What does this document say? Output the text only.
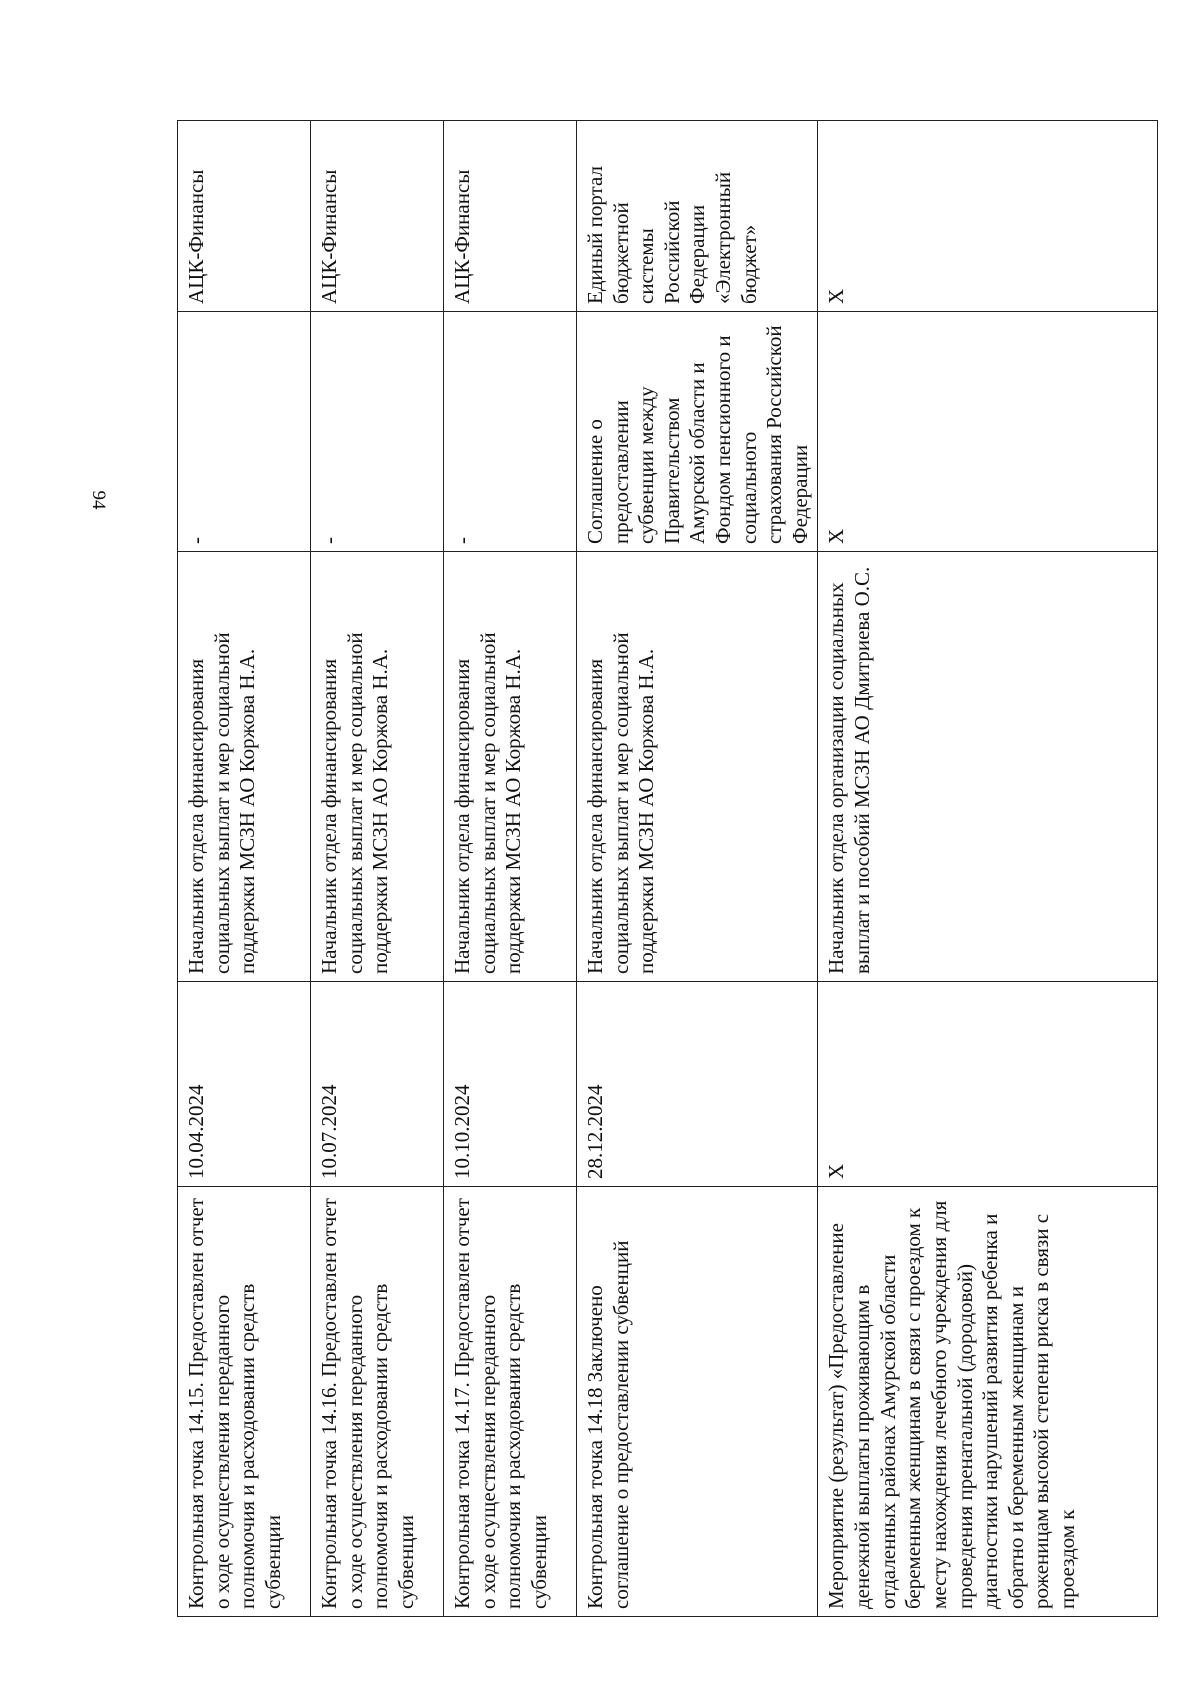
94
Контрольная точка 14.15. Предоставлен отчет о ходе осуществления переданного полномочия и расходовании средств субвенции	10.04.2024	Начальник отдела финансирования социальных выплат и мер социальной поддержки МСЗН АО Коржова Н.А.	-	АЦК-Финансы
Контрольная точка 14.16. Предоставлен отчет о ходе осуществления переданного полномочия и расходовании средств субвенции	10.07.2024	Начальник отдела финансирования социальных выплат и мер социальной поддержки МСЗН АО Коржова Н.А.	-	АЦК-Финансы
Контрольная точка 14.17. Предоставлен отчет о ходе осуществления переданного полномочия и расходовании средств субвенции	10.10.2024	Начальник отдела финансирования социальных выплат и мер социальной поддержки МСЗН АО Коржова Н.А.	-	АЦК-Финансы
Контрольная точка 14.18 Заключено соглашение о предоставлении субвенций	28.12.2024	Начальник отдела финансирования социальных выплат и мер социальной поддержки МСЗН АО Коржова Н.А.	Соглашение о предоставлении субвенции между Правительством Амурской области и Фондом пенсионного и социального страхования Российской Федерации	Единый портал бюджетной системы Российской Федерации «Электронный бюджет»
Мероприятие (результат) «Предоставление денежной выплаты проживающим в отдаленных районах Амурской области беременным женщинам в связи с проездом к месту нахождения лечебного учреждения для проведения пренатальной (дородовой) диагностики нарушений развития ребенка и обратно и беременным женщинам и роженицам высокой степени риска в связи с проездом к	Х	Начальник отдела организации социальных выплат и пособий МСЗН АО Дмитриева О.С.	Х	Х
